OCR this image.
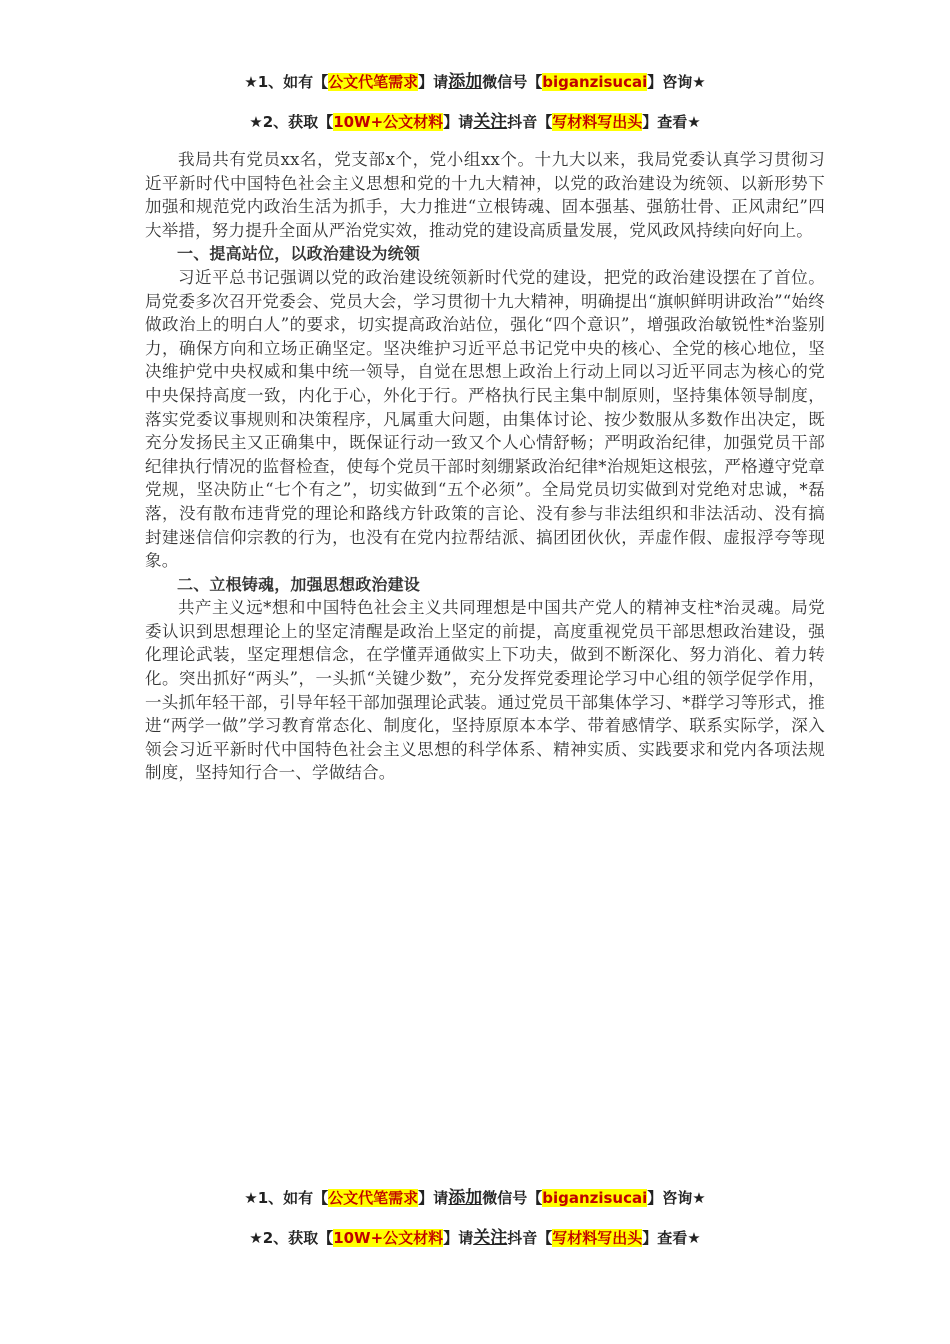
★1、如有【公文代笔需求】请添加微信号【biganzisucai】咨询★
★2、获取【10W+公文材料】请关注抖音【写材料写出头】查看★

我局共有党员xx名，党支部x个，党小组xx个。十九大以来，我局党委认真学习贯彻习近平新时代中国特色社会主义思想和党的十九大精神，以党的政治建设为统领、以新形势下加强和规范党内政治生活为抓手，大力推进“立根铸魂、固本强基、强筋壮骨、正风肃纪”四大举措，努力提升全面从严治党实效，推动党的建设高质量发展，党风政风持续向好向上。

一、提高站位，以政治建设为统领

习近平总书记强调以党的政治建设统领新时代党的建设，把党的政治建设摆在了首位。局党委多次召开党委会、党员大会，学习贯彻十九大精神，明确提出“旗帜鲜明讲政治”“始终做政治上的明白人”的要求，切实提高政治站位，强化“四个意识”，增强政治敏锐性*治鉴别力，确保方向和立场正确坚定。坚决维护习近平总书记党中央的核心、全党的核心地位，坚决维护党中央权威和集中统一领导，自觉在思想上政治上行动上同以习近平同志为核心的党中央保持高度一致，内化于心，外化于行。严格执行民主集中制原则，坚持集体领导制度，落实党委议事规则和决策程序，凡属重大问题，由集体讨论、按少数服从多数作出决定，既充分发扬民主又正确集中，既保证行动一致又个人心情舒畅；严明政治纪律，加强党员干部纪律执行情况的监督检查，使每个党员干部时刻绷紧政治纪律*治规矩这根弦，严格遵守党章党规，坚决防止“七个有之”，切实做到“五个必须”。全局党员切实做到对党绝对忠诚，*磊落，没有散布违背党的理论和路线方针政策的言论、没有参与非法组织和非法活动、没有搞封建迷信信仰宗教的行为，也没有在党内拉帮结派、搞团团伙伙，弄虚作假、虚报浮夸等现象。

二、立根铸魂，加强思想政治建设

共产主义远*想和中国特色社会主义共同理想是中国共产党人的精神支柱*治灵魂。局党委认识到思想理论上的坚定清醒是政治上坚定的前提，高度重视党员干部思想政治建设，强化理论武装，坚定理想信念，在学懂弄通做实上下功夫，做到不断深化、努力消化、着力转化。突出抓好“两头”，一头抓“关键少数”，充分发挥党委理论学习中心组的领学促学作用，一头抓年轻干部，引导年轻干部加强理论武装。通过党员干部集体学习、*群学习等形式，推进“两学一做”学习教育常态化、制度化，坚持原原本本学、带着感情学、联系实际学，深入领会习近平新时代中国特色社会主义思想的科学体系、精神实质、实践要求和党内各项法规制度，坚持知行合一、学做结合。

★1、如有【公文代笔需求】请添加微信号【biganzisucai】咨询★
★2、获取【10W+公文材料】请关注抖音【写材料写出头】查看★
